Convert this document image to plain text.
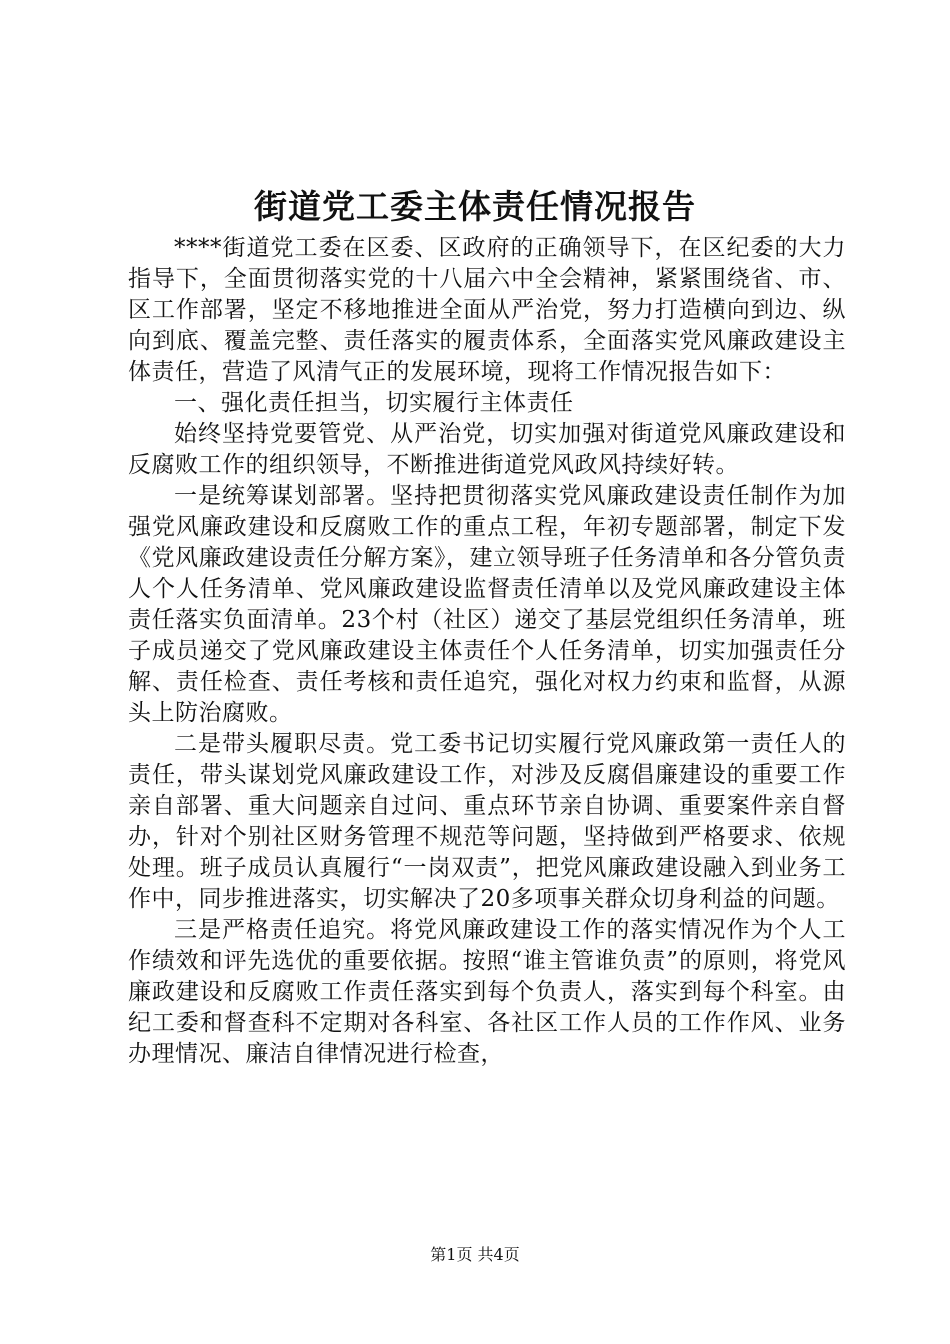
街道党工委主体责任情况报告

****街道党工委在区委、区政府的正确领导下，在区纪委的大力指导下，全面贯彻落实党的十八届六中全会精神，紧紧围绕省、市、区工作部署，坚定不移地推进全面从严治党，努力打造横向到边、纵向到底、覆盖完整、责任落实的履责体系，全面落实党风廉政建设主体责任，营造了风清气正的发展环境，现将工作情况报告如下：

一、强化责任担当，切实履行主体责任

始终坚持党要管党、从严治党，切实加强对街道党风廉政建设和反腐败工作的组织领导，不断推进街道党风政风持续好转。

一是统筹谋划部署。坚持把贯彻落实党风廉政建设责任制作为加强党风廉政建设和反腐败工作的重点工程，年初专题部署，制定下发《党风廉政建设责任分解方案》，建立领导班子任务清单和各分管负责人个人任务清单、党风廉政建设监督责任清单以及党风廉政建设主体责任落实负面清单。23个村（社区）递交了基层党组织任务清单，班子成员递交了党风廉政建设主体责任个人任务清单，切实加强责任分解、责任检查、责任考核和责任追究，强化对权力约束和监督，从源头上防治腐败。

二是带头履职尽责。党工委书记切实履行党风廉政第一责任人的责任，带头谋划党风廉政建设工作，对涉及反腐倡廉建设的重要工作亲自部署、重大问题亲自过问、重点环节亲自协调、重要案件亲自督办，针对个别社区财务管理不规范等问题，坚持做到严格要求、依规处理。班子成员认真履行“一岗双责”，把党风廉政建设融入到业务工作中，同步推进落实，切实解决了20多项事关群众切身利益的问题。

三是严格责任追究。将党风廉政建设工作的落实情况作为个人工作绩效和评先选优的重要依据。按照“谁主管谁负责”的原则，将党风廉政建设和反腐败工作责任落实到每个负责人，落实到每个科室。由纪工委和督查科不定期对各科室、各社区工作人员的工作作风、业务办理情况、廉洁自律情况进行检查，

第1页 共4页
